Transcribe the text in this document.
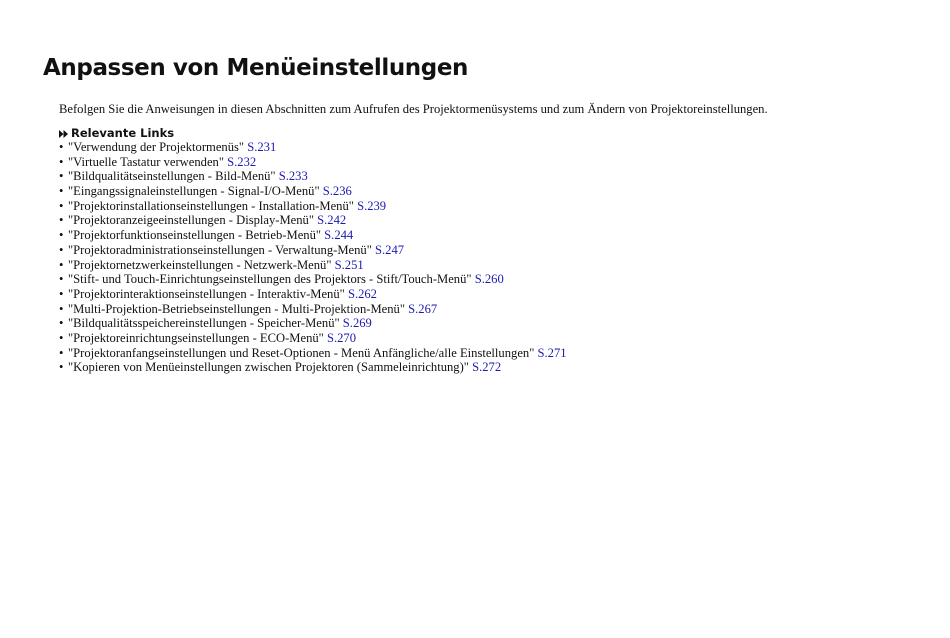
Anpassen von Menüeinstellungen

Befolgen Sie die Anweisungen in diesen Abschnitten zum Aufrufen des Projektormenüsystems und zum Ändern von Projektoreinstellungen.

Relevante Links
• "Verwendung der Projektormenüs" S.231
• "Virtuelle Tastatur verwenden" S.232
• "Bildqualitätseinstellungen - Bild-Menü" S.233
• "Eingangssignaleinstellungen - Signal-I/O-Menü" S.236
• "Projektorinstallationseinstellungen - Installation-Menü" S.239
• "Projektoranzeigeeinstellungen - Display-Menü" S.242
• "Projektorfunktionseinstellungen - Betrieb-Menü" S.244
• "Projektoradministrationseinstellungen - Verwaltung-Menü" S.247
• "Projektornetzwerkeinstellungen - Netzwerk-Menü" S.251
• "Stift- und Touch-Einrichtungseinstellungen des Projektors - Stift/Touch-Menü" S.260
• "Projektorinteraktionseinstellungen - Interaktiv-Menü" S.262
• "Multi-Projektion-Betriebseinstellungen - Multi-Projektion-Menü" S.267
• "Bildqualitätsspeichereinstellungen - Speicher-Menü" S.269
• "Projektoreinrichtungseinstellungen - ECO-Menü" S.270
• "Projektoranfangseinstellungen und Reset-Optionen - Menü Anfängliche/alle Einstellungen" S.271
• "Kopieren von Menüeinstellungen zwischen Projektoren (Sammeleinrichtung)" S.272
